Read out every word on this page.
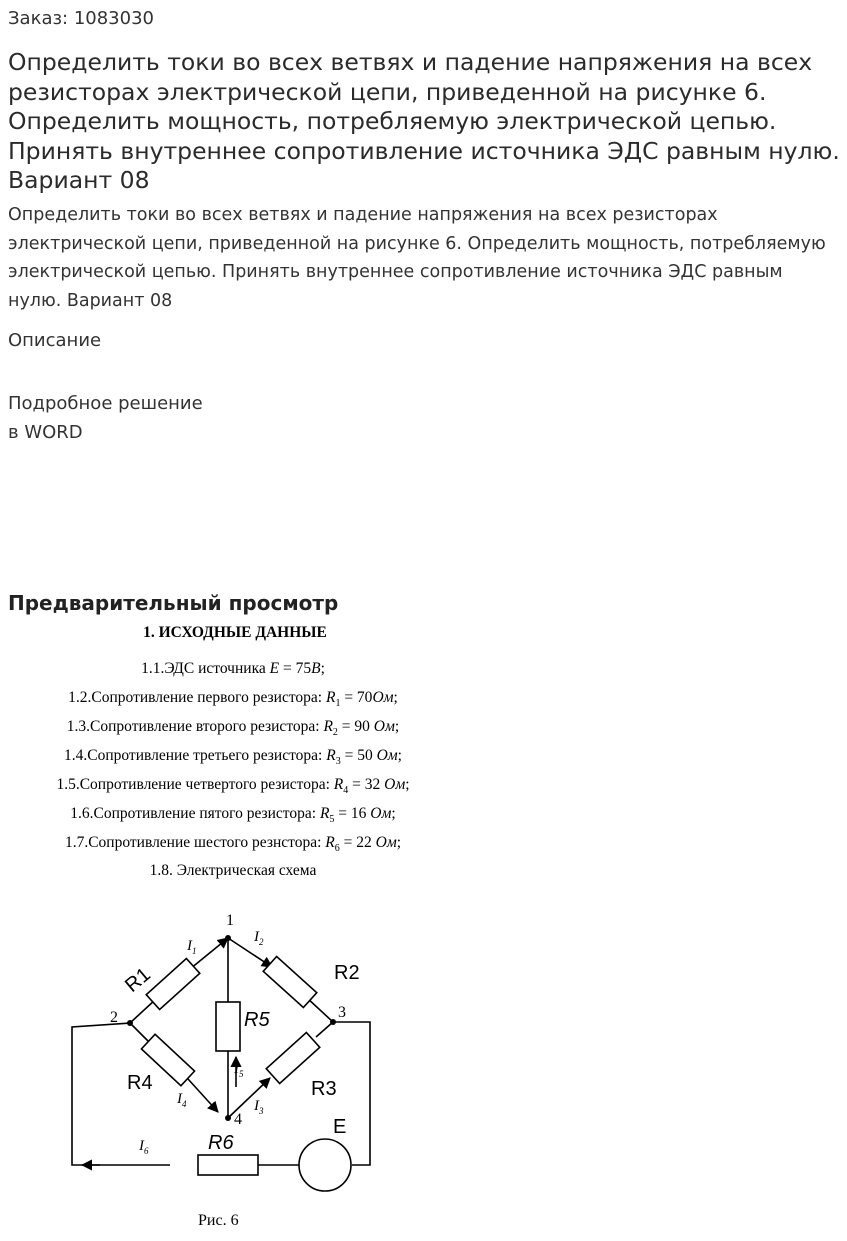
Заказ: 1083030
Определить токи во всех ветвях и падение напряжения на всех резисторах электрической цепи, приведенной на рисунке 6. Определить мощность, потребляемую электрической цепью. Принять внутреннее сопротивление источника ЭДС равным нулю. Вариант 08

Определить токи во всех ветвях и падение напряжения на всех резисторах электрической цепи, приведенной на рисунке 6. Определить мощность, потребляемую электрической цепью. Принять внутреннее сопротивление источника ЭДС равным нулю. Вариант 08

Описание
Подробное решение
в WORD
Предварительный просмотр
1. ИСХОДНЫЕ ДАННЫЕ
1.1.ЭДС источника E = 75В;
1.2.Сопротивление первого резистора: $R_1 = 70Ом$;
1.3.Сопротивление второго резистора: $R_2 = 90$ Ом;
1.4.Сопротивление третьего резистора: $R_3 = 50$ Ом;
1.5.Сопротивление четвертого резистора: $R_4 = 32$ Ом;
1.6.Сопротивление пятого резистора: $R_5 = 16$ Ом;
1.7.Сопротивление шестого резнстора: $R_6 = 22$ Ом;
1.8. Электрическая схема
1
2	3
4
R1	R2
R3
R4
R5
R6
E
$I_1$
$I_2$
$I_3$
$I_4$
$I_5$
$I_6$
Рис. 6
